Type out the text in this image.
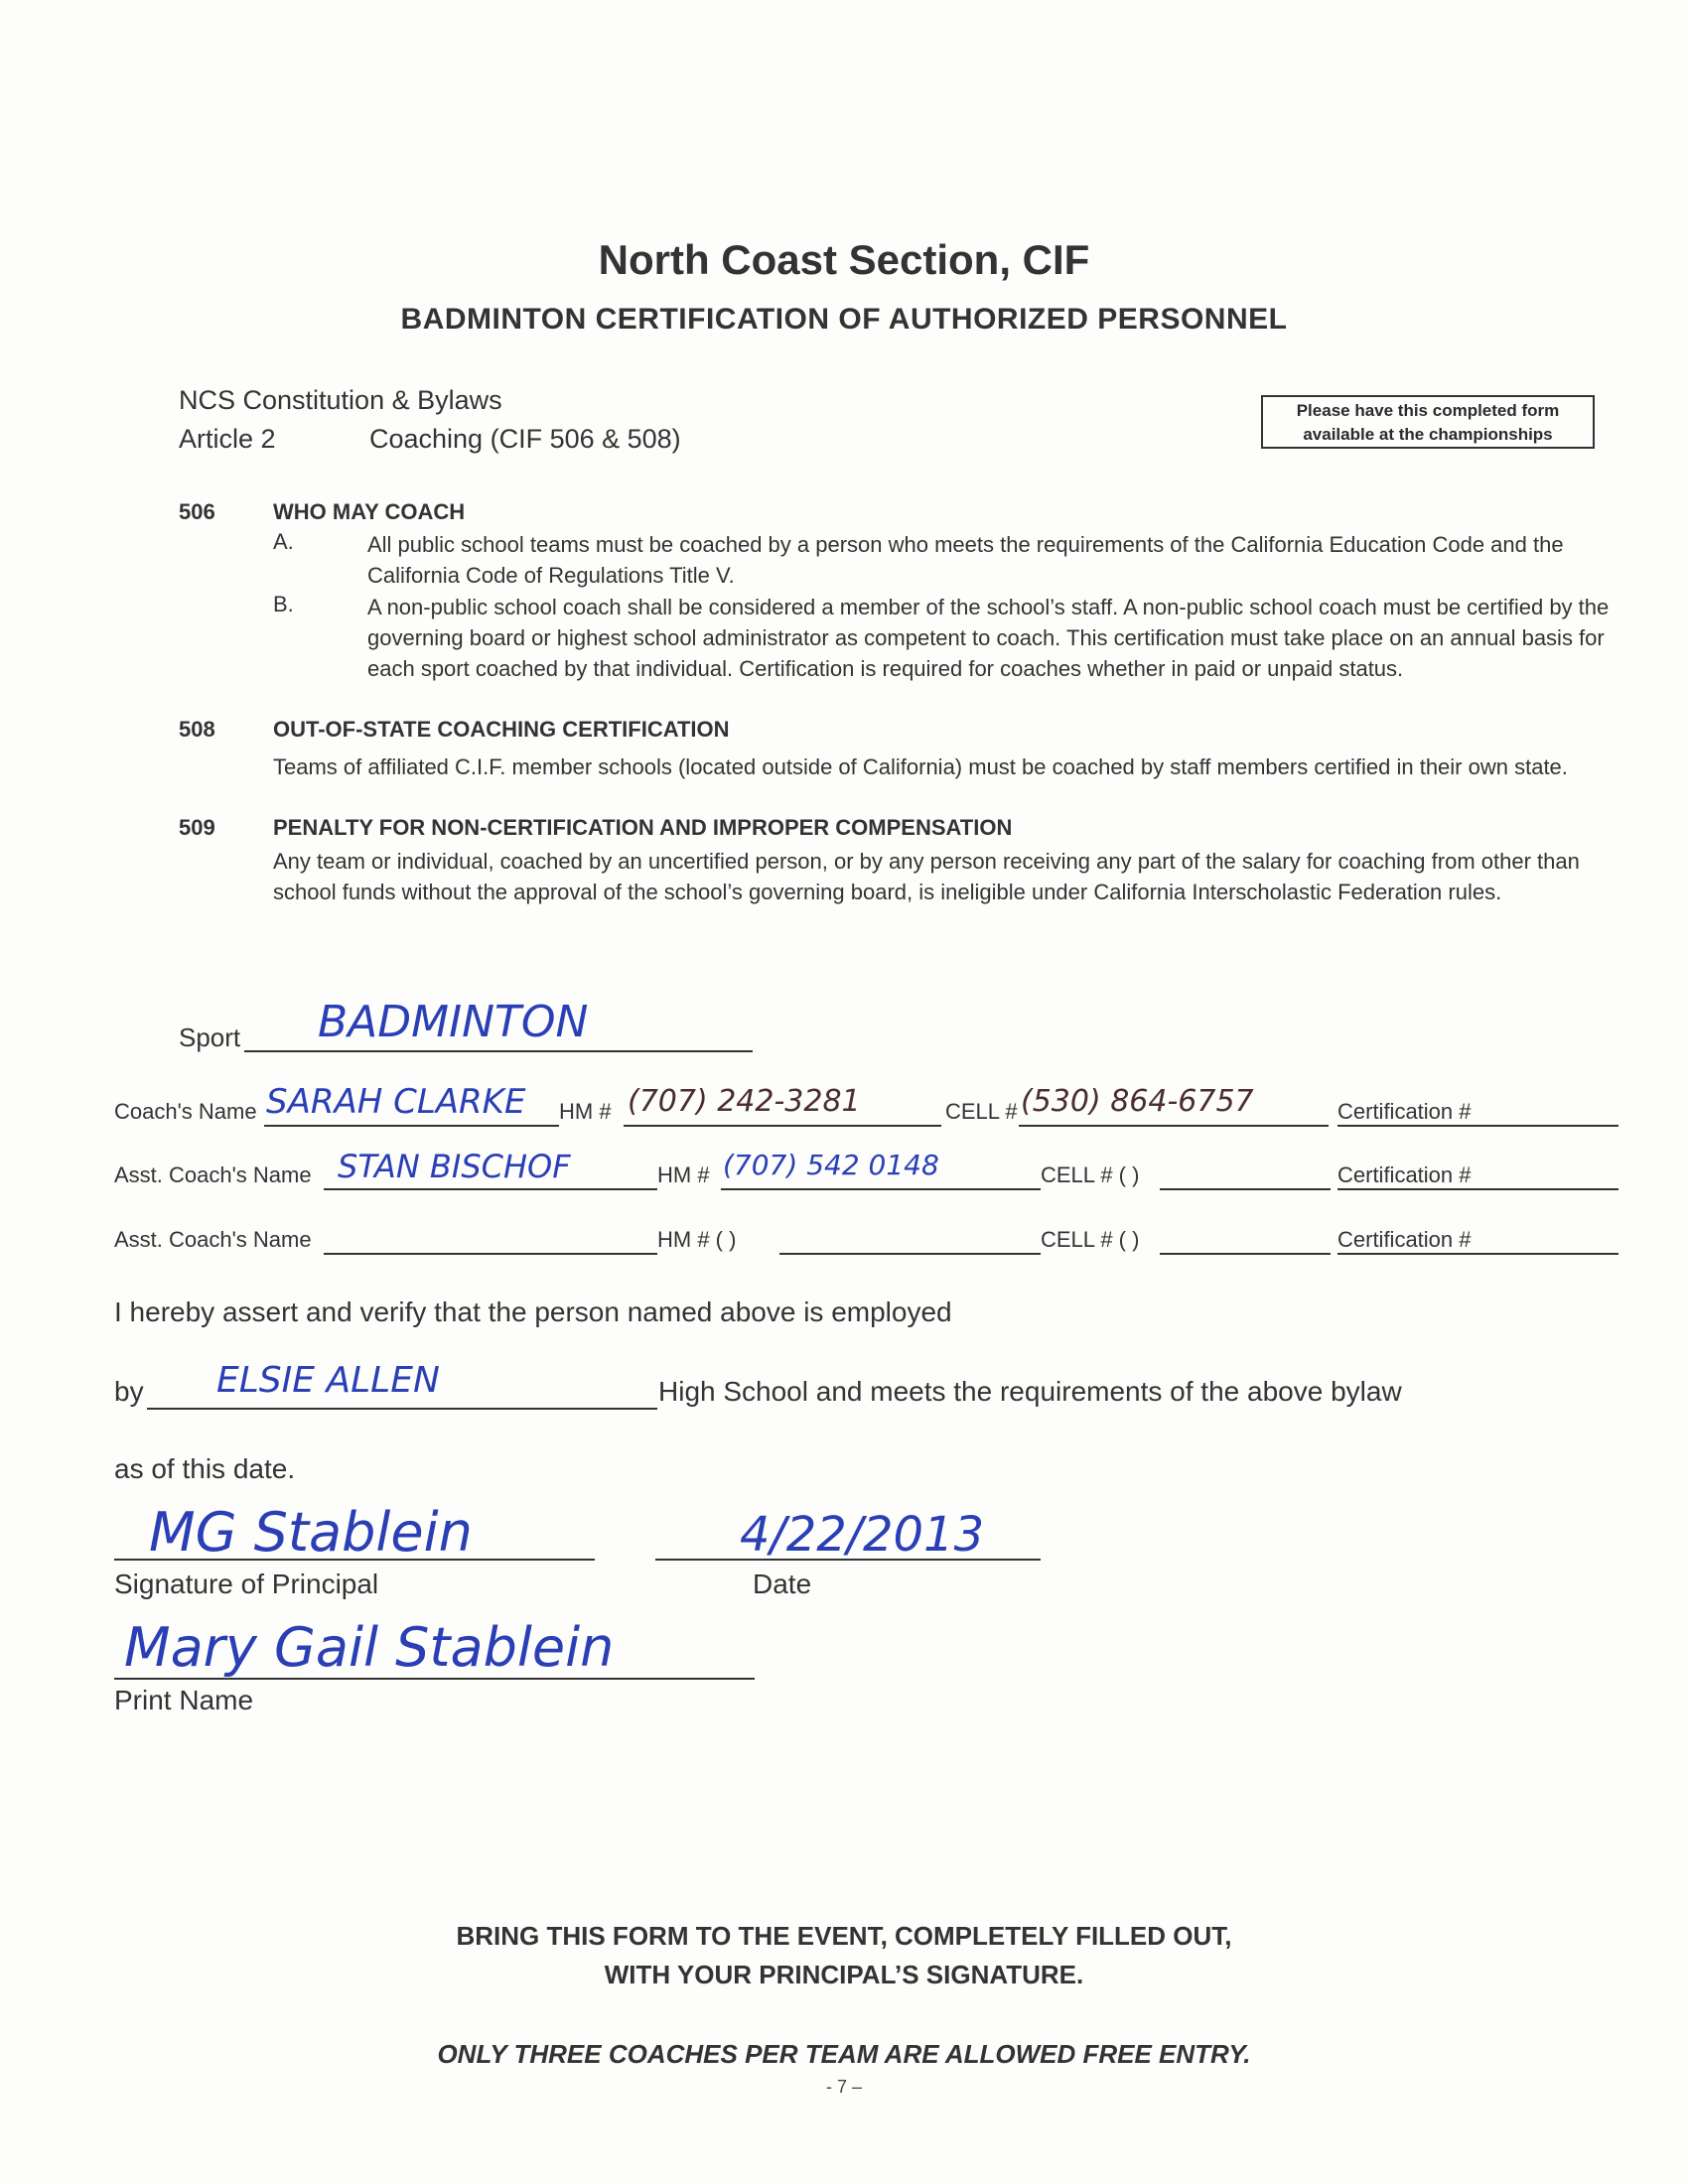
North Coast Section, CIF
BADMINTON CERTIFICATION OF AUTHORIZED PERSONNEL
NCS Constitution & Bylaws
Article 2	Coaching (CIF 506 & 508)
Please have this completed form
available at the championships
506	WHO MAY COACH
A.	All public school teams must be coached by a person who meets the requirements of the California Education Code and the California Code of Regulations Title V.
B.	A non-public school coach shall be considered a member of the school’s staff. A non-public school coach must be certified by the governing board or highest school administrator as competent to coach. This certification must take place on an annual basis for each sport coached by that individual. Certification is required for coaches whether in paid or unpaid status.
508	OUT-OF-STATE COACHING CERTIFICATION
Teams of affiliated C.I.F. member schools (located outside of California) must be coached by staff members certified in their own state.
509	PENALTY FOR NON-CERTIFICATION AND IMPROPER COMPENSATION
Any team or individual, coached by an uncertified person, or by any person receiving any part of the salary for coaching from other than school funds without the approval of the school’s governing board, is ineligible under California Interscholastic Federation rules.
Sport BADMINTON
Coach's Name SARAH CLARKE HM # (707) 242-3281	CELL # (530) 864-6757	Certification #
Asst. Coach's Name STAN BISCHOF	HM # (707) 542 0148	CELL # ( )	Certification #
Asst. Coach's Name	HM # ( )	CELL # ( )	Certification #
I hereby assert and verify that the person named above is employed
by ELSIE ALLEN	High School and meets the requirements of the above bylaw
as of this date.
MG Stablein
Signature of Principal
4/22/2013
Date
Mary Gail Stablein
Print Name
BRING THIS FORM TO THE EVENT, COMPLETELY FILLED OUT,
WITH YOUR PRINCIPAL’S SIGNATURE.
ONLY THREE COACHES PER TEAM ARE ALLOWED FREE ENTRY.
- 7 –
